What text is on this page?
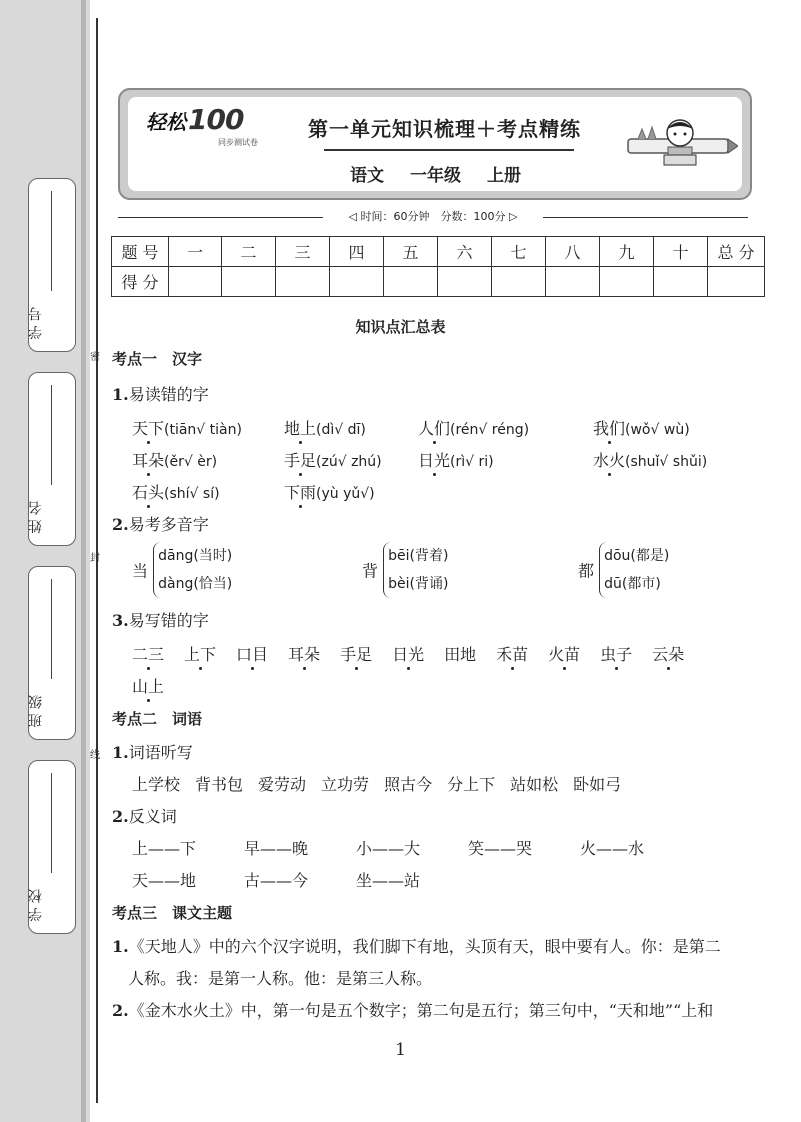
学 号
姓 名
班 级
学 校
密
封
线
轻松100
同步测试卷
第一单元知识梳理＋考点精练
语文 一年级 上册
◁ 时间：60分钟　分数：100分 ▷
题 号	一	二	三	四	五	六	七	八	九	十	总 分
得 分											
知识点汇总表
考点一　汉字
1.易读错的字
天下(tiān√ tiàn)	地上(dì√ dī)	人们(rén√ réng)	我们(wǒ√ wù)
耳朵(ěr√ èr)	手足(zú√ zhú) 日光(rì√ ri)	水火(shuǐ√ shǔi)
石头(shí√ sí)	下雨(yù yǔ√)
2.易考多音字
当
dāng(当时)
dàng(恰当)
背
bēi(背着)
bèi(背诵)
都
dōu(都是)
dū(都市)
3.易写错的字
二三 上下 口目 耳朵 手足 日光 田地 禾苗 火苗 虫子 云朵
山上
考点二　词语
1.词语听写
上学校 背书包 爱劳动 立功劳 照古今 分上下 站如松 卧如弓
2.反义词
上——下	早——晚	小——大	笑——哭	火——水
天——地	古——今	坐——站
考点三　课文主题
1.《天地人》中的六个汉字说明，我们脚下有地，头顶有天，眼中要有人。你：是第二
人称。我：是第一人称。他：是第三人称。
2.《金木水火土》中，第一句是五个数字；第二句是五行；第三句中，“天和地”“上和
1
